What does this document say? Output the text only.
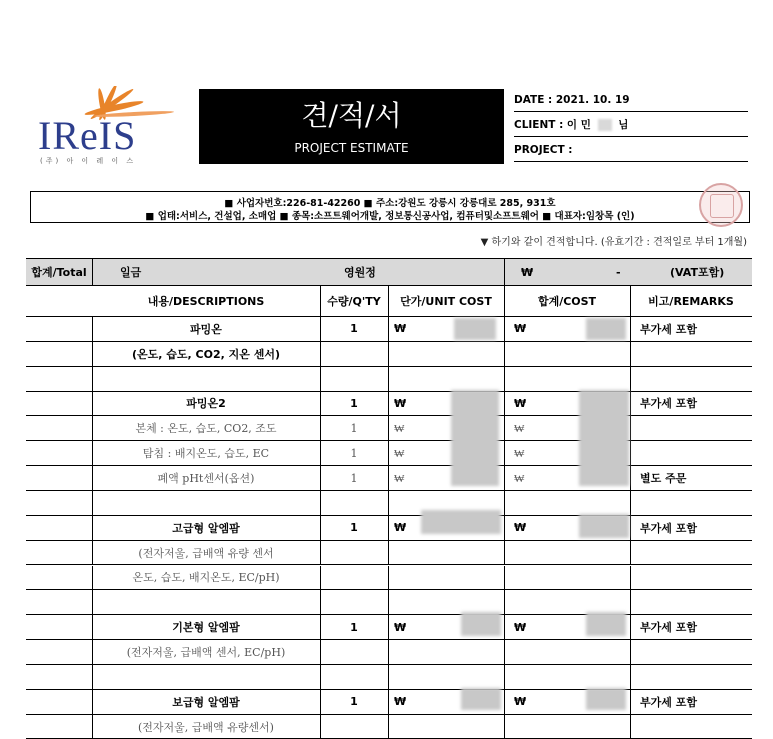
IReIS
(주) 아 이 레 이 스
견/적/서
PROJECT ESTIMATE
DATE : 2021. 10. 19
CLIENT : 이 민	님
PROJECT :
■ 사업자번호:226-81-42260 ■ 주소:강원도 강릉시 강릉대로 285, 931호
■ 업태:서비스, 건설업, 소매업 ■ 종목:소프트웨어개발, 정보통신공사업, 컴퓨터및소프트웨어 ■ 대표자:임창목 (인)
▼ 하기와 같이 견적합니다. (유효기간 : 견적일로 부터 1개월)
합계/Total	일금	영원정	₩	-	(VAT포함)
내용/DESCRIPTIONS	수량/Q'TY	단가/UNIT COST	합계/COST	비고/REMARKS
파밍온	1	₩	₩	부가세 포함
(온도, 습도, CO2, 지온 센서)
파밍온2	1	₩	₩	부가세 포함
본체 : 온도, 습도, CO2, 조도	1	₩	₩
탐침 : 배지온도, 습도, EC	1	₩	₩
폐액 pHt센서(옵션)	1	₩	₩	별도 주문
고급형 알엠팜	1	₩	₩	부가세 포함
(전자저울, 급배액 유량 센서
온도, 습도, 배지온도, EC/pH)
기본형 알엠팜	1	₩	₩	부가세 포함
(전자저울, 급배액 센서, EC/pH)
보급형 알엠팜	1	₩	₩	부가세 포함
(전자저울, 급배액 유량센서)
